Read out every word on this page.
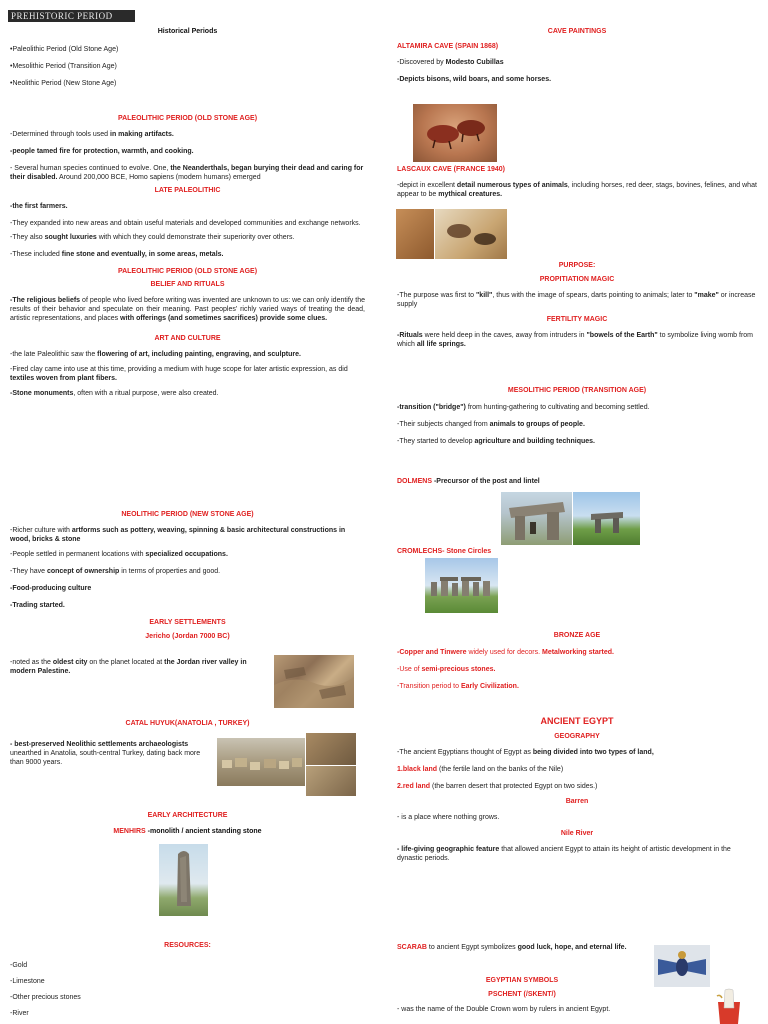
PREHISTORIC PERIOD
Historical Periods

•Paleolithic Period (Old Stone Age)

•Mesolithic Period (Transition Age)

•Neolithic Period (New Stone Age)

PALEOLITHIC PERIOD (OLD STONE AGE)

-Determined through tools used in making artifacts.

-people tamed fire for protection, warmth, and cooking.

- Several human species continued to evolve. One, the Neanderthals, began burying their dead and caring for their disabled. Around 200,000 BCE, Homo sapiens (modern humans) emerged

LATE PALEOLITHIC

-the first farmers.

-They expanded into new areas and obtain useful materials and developed communities and exchange networks.

-They also sought luxuries with which they could demonstrate their superiority over others.

-These included fine stone and eventually, in some areas, metals.

PALEOLITHIC PERIOD (OLD STONE AGE)
BELIEF AND RITUALS

-The religious beliefs of people who lived before writing was invented are unknown to us: we can only identify the results of their behavior and speculate on their meaning. Past peoples' richly varied ways of treating the dead, artistic representations, and places with offerings (and sometimes sacrifices) provide some clues.

ART AND CULTURE

-the late Paleolithic saw the flowering of art, including painting, engraving, and sculpture.

-Fired clay came into use at this time, providing a medium with huge scope for later artistic expression, as did textiles woven from plant fibers.

-Stone monuments, often with a ritual purpose, were also created.

NEOLITHIC PERIOD (NEW STONE AGE)

-Richer culture with artforms such as pottery, weaving, spinning & basic architectural constructions in wood, bricks & stone

-People settled in permanent locations with specialized occupations.

-They have concept of ownership in terms of properties and good.

-Food-producing culture

-Trading started.

EARLY SETTLEMENTS
Jericho (Jordan 7000 BC)

-noted as the oldest city on the planet located at the Jordan river valley in modern Palestine.

CATAL HUYUK(ANATOLIA , TURKEY)

- best-preserved Neolithic settlements archaeologists unearthed in Anatolia, south-central Turkey, dating back more than 9000 years.

EARLY ARCHITECTURE
MENHIRS -monolith / ancient standing stone
RESOURCES:

-Gold

-Limestone

-Other precious stones

-River

CAVE PAINTINGS
ALTAMIRA CAVE (SPAIN 1868)

-Discovered by Modesto Cubillas

-Depicts bisons, wild boars, and some horses.

LASCAUX CAVE (FRANCE 1940)

-depict in excellent detail numerous types of animals, including horses, red deer, stags, bovines, felines, and what appear to be mythical creatures.

PURPOSE:
PROPITIATION MAGIC

-The purpose was first to "kill", thus with the image of spears, darts pointing to animals; later to "make" or increase supply

FERTILITY MAGIC

-Rituals were held deep in the caves, away from intruders in "bowels of the Earth" to symbolize living womb from which all life springs.

MESOLITHIC PERIOD (TRANSITION AGE)

-transition ("bridge") from hunting-gathering to cultivating and becoming settled.

-Their subjects changed from animals to groups of people.

-They started to develop agriculture and building techniques.

DOLMENS -Precursor of the post and lintel

CROMLECHS- Stone Circles

BRONZE AGE

-Copper and Tinwere widely used for decors. Metalworking started.

-Use of semi-precious stones.

-Transition period to Early Civilization.

ANCIENT EGYPT
GEOGRAPHY

-The ancient Egyptians thought of Egypt as being divided into two types of land,

1.black land (the fertile land on the banks of the Nile)

2.red land (the barren desert that protected Egypt on two sides.)

Barren

- is a place where nothing grows.

Nile River

- life-giving geographic feature that allowed ancient Egypt to attain its height of artistic development in the dynastic periods.

SCARAB to ancient Egypt symbolizes good luck, hope, and eternal life.

EGYPTIAN SYMBOLS
PSCHENT (/SKENT/)

- was the name of the Double Crown worn by rulers in ancient Egypt.
